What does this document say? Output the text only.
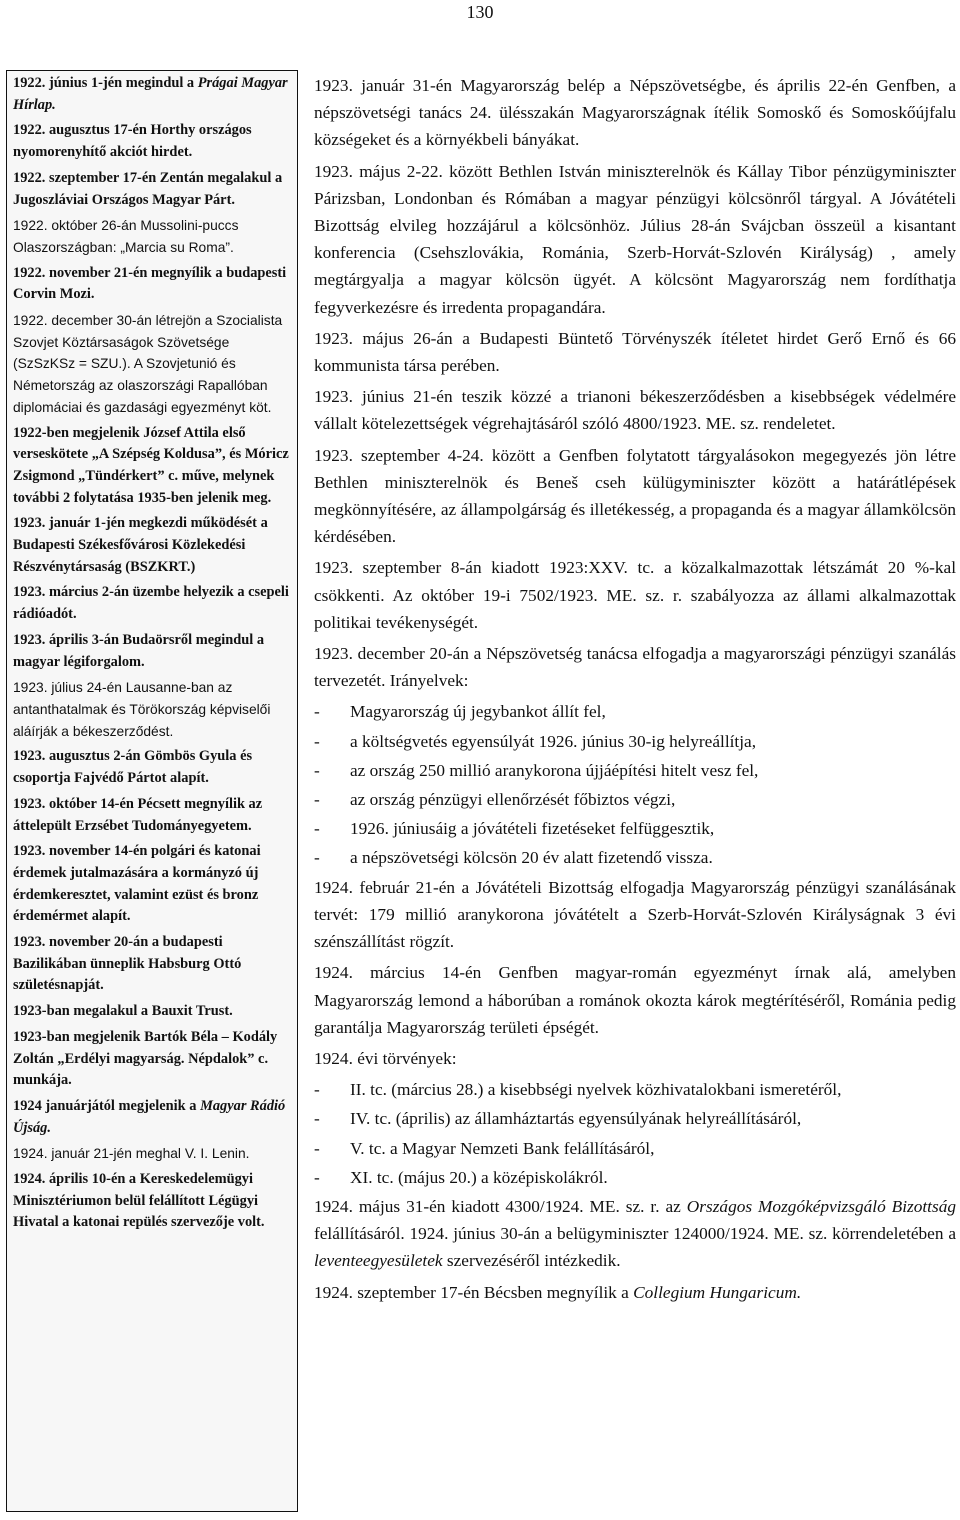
130

1922. június 1-jén megindul a Prágai Magyar Hírlap.

1922. augusztus 17-én Horthy országos nyomorenyhítő akciót hirdet.

1922. szeptember 17-én Zentán megalakul a Jugoszláviai Országos Magyar Párt.

1922. október 26-án Mussolini-puccs Olaszországban: „Marcia su Roma”.

1922. november 21-én megnyílik a budapesti Corvin Mozi.

1922. december 30-án létrejön a Szocialista Szovjet Köztársaságok Szövetsége (SzSzKSz = SZU.). A Szovjetunió és Németország az olaszországi Rapallóban diplomáciai és gazdasági egyezményt köt.

1922-ben megjelenik József Attila első verseskötete „A Szépség Koldusa”, és Móricz Zsigmond „Tündérkert” c. műve, melynek további 2 folytatása 1935-ben jelenik meg.

1923. január 1-jén megkezdi működését a Budapesti Székesfővárosi Közlekedési Részvénytársaság (BSZKRT.)

1923. március 2-án üzembe helyezik a csepeli rádióadót.

1923. április 3-án Budaörsről megindul a magyar légiforgalom.

1923. július 24-én Lausanne-ban az antanthatalmak és Törökország képviselői aláírják a békeszerződést.

1923. augusztus 2-án Gömbös Gyula és csoportja Fajvédő Pártot alapít.

1923. október 14-én Pécsett megnyílik az áttelepült Erzsébet Tudományegyetem.

1923. november 14-én polgári és katonai érdemek jutalmazására a kormányzó új érdemkeresztet, valamint ezüst és bronz érdemérmet alapít.

1923. november 20-án a budapesti Bazilikában ünneplik Habsburg Ottó születésnapját.

1923-ban megalakul a Bauxit Trust.

1923-ban megjelenik Bartók Béla – Kodály Zoltán „Erdélyi magyarság. Népdalok” c. munkája.

1924 januárjától megjelenik a Magyar Rádió Újság.

1924. január 21-jén meghal V. I. Lenin.

1924. április 10-én a Kereskedelemügyi Minisztériumon belül felállított Légügyi Hivatal a katonai repülés szervezője volt.

1923. január 31-én Magyarország belép a Népszövetségbe, és április 22-én Genfben, a népszövetségi tanács 24. ülésszakán Magyarországnak ítélik Somoskő és Somoskőújfalu községeket és a környékbeli bányákat.

1923. május 2-22. között Bethlen István miniszterelnök és Kállay Tibor pénzügyminiszter Párizsban, Londonban és Rómában a magyar pénzügyi kölcsönről tárgyal. A Jóvátételi Bizottság elvileg hozzájárul a kölcsönhöz. Július 28-án Svájcban összeül a kisantant konferencia (Csehszlovákia, Románia, Szerb-Horvát-Szlovén Királyság) , amely megtárgyalja a magyar kölcsön ügyét. A kölcsönt Magyarország nem fordíthatja fegyverkezésre és irredenta propagandára.

1923. május 26-án a Budapesti Büntető Törvényszék ítéletet hirdet Gerő Ernő és 66 kommunista társa perében.

1923. június 21-én teszik közzé a trianoni békeszerződésben a kisebbségek védelmére vállalt kötelezettségek végrehajtásáról szóló 4800/1923. ME. sz. rendeletet.

1923. szeptember 4-24. között a Genfben folytatott tárgyalásokon megegyezés jön létre Bethlen miniszterelnök és Beneš cseh külügyminiszter között a határátlépések megkönnyítésére, az állampolgárság és illetékesség, a propaganda és a magyar államkölcsön kérdésében.

1923. szeptember 8-án kiadott 1923:XXV. tc. a közalkalmazottak létszámát 20 %-kal csökkenti. Az október 19-i 7502/1923. ME. sz. r. szabályozza az állami alkalmazottak politikai tevékenységét.

1923. december 20-án a Népszövetség tanácsa elfogadja a magyarországi pénzügyi szanálás tervezetét. Irányelvek:

-	Magyarország új jegybankot állít fel,
-	a költségvetés egyensúlyát 1926. június 30-ig helyreállítja,
-	az ország 250 millió aranykorona újjáépítési hitelt vesz fel,
-	az ország pénzügyi ellenőrzését főbiztos végzi,
-	1926. júniusáig a jóvátételi fizetéseket felfüggesztik,
-	a népszövetségi kölcsön 20 év alatt fizetendő vissza.

1924. február 21-én a Jóvátételi Bizottság elfogadja Magyarország pénzügyi szanálásának tervét: 179 millió aranykorona jóvátételt a Szerb-Horvát-Szlovén Királyságnak 3 évi szénszállítást rögzít.

1924. március 14-én Genfben magyar-román egyezményt írnak alá, amelyben Magyarország lemond a háborúban a románok okozta károk megtérítéséről, Románia pedig garantálja Magyarország területi épségét.

1924. évi törvények:

-	II. tc. (március 28.) a kisebbségi nyelvek közhivatalokbani ismeretéről,
-	IV. tc. (április) az államháztartás egyensúlyának helyreállításáról,
-	V. tc. a Magyar Nemzeti Bank felállításáról,
-	XI. tc. (május 20.) a középiskolákról.

1924. május 31-én kiadott 4300/1924. ME. sz. r. az Országos Mozgóképvizsgáló Bizottság felállításáról. 1924. június 30-án a belügyminiszter 124000/1924. ME. sz. körrendeletében a leventeegyesületek szervezéséről intézkedik.

1924. szeptember 17-én Bécsben megnyílik a Collegium Hungaricum.
